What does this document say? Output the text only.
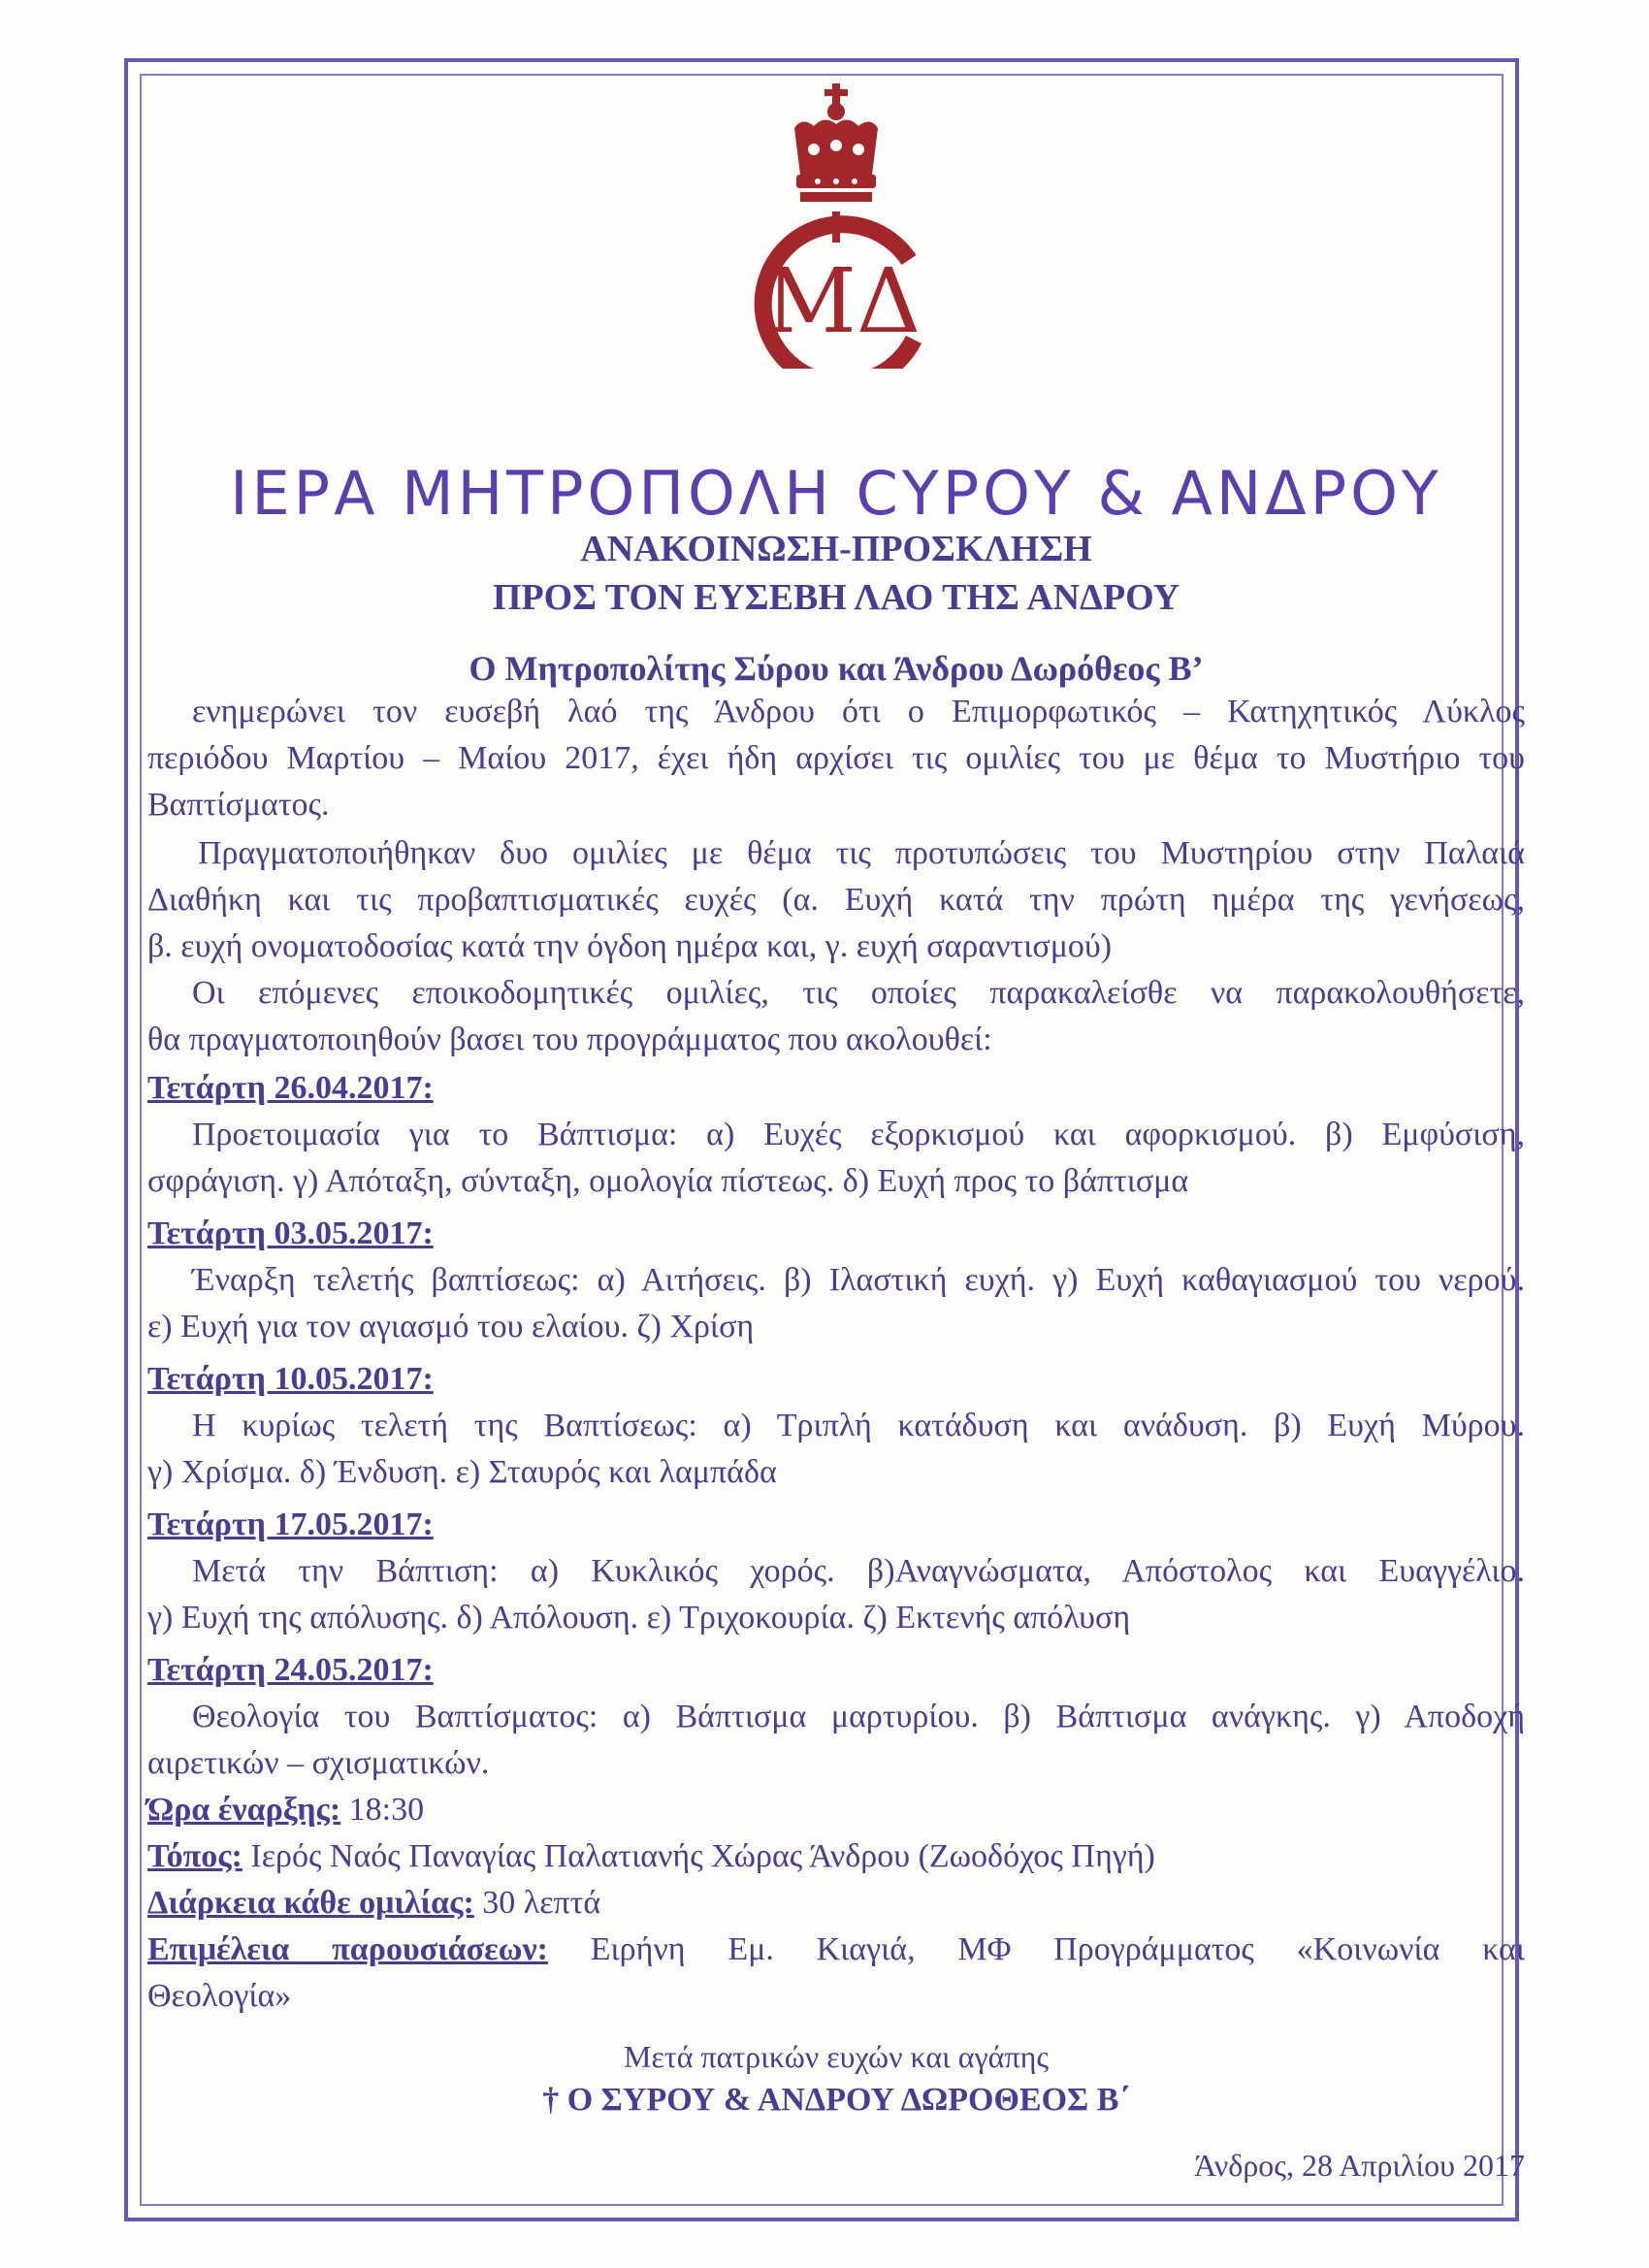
ΜΔ
ΙΕΡΑ ΜΗΤΡΟΠΟΛΗ CΥΡΟΥ & ΑΝΔΡΟΥ
ΑΝΑΚΟΙΝΩΣΗ-ΠΡΟΣΚΛΗΣΗ
ΠΡΟΣ ΤΟΝ ΕΥΣΕΒΗ ΛΑΟ ΤΗΣ ΑΝΔΡΟΥ
Ο Μητροπολίτης Σύρου και Άνδρου Δωρόθεος Β’
ενημερώνει τον ευσεβή λαό της Άνδρου ότι ο Επιμορφωτικός – Κατηχητικός Λύκλος
περιόδου Μαρτίου – Μαίου 2017, έχει ήδη αρχίσει τις ομιλίες του με θέμα το Μυστήριο του
Βαπτίσματος.
Πραγματοποιήθηκαν δυο ομιλίες με θέμα τις προτυπώσεις του Μυστηρίου στην Παλαιά
Διαθήκη και τις προβαπτισματικές ευχές (α. Ευχή κατά την πρώτη ημέρα της γενήσεως,
β. ευχή ονοματοδοσίας κατά την όγδοη ημέρα και, γ. ευχή σαραντισμού)
Οι επόμενες εποικοδομητικές ομιλίες, τις οποίες παρακαλείσθε να παρακολουθήσετε,
θα πραγματοποιηθούν βασει του προγράμματος που ακολουθεί:
Τετάρτη 26.04.2017:
Προετοιμασία για το Βάπτισμα: α) Ευχές εξορκισμού και αφορκισμού. β) Εμφύσιση,
σφράγιση. γ) Απόταξη, σύνταξη, ομολογία πίστεως. δ) Ευχή προς το βάπτισμα
Τετάρτη 03.05.2017:
Έναρξη τελετής βαπτίσεως: α) Αιτήσεις. β) Ιλαστική ευχή. γ) Ευχή καθαγιασμού του νερού.
ε) Ευχή για τον αγιασμό του ελαίου. ζ) Χρίση
Τετάρτη 10.05.2017:
Η κυρίως τελετή της Βαπτίσεως: α) Τριπλή κατάδυση και ανάδυση. β) Ευχή Μύρου.
γ) Χρίσμα. δ) Ένδυση. ε) Σταυρός και λαμπάδα
Τετάρτη 17.05.2017:
Μετά την Βάπτιση: α) Κυκλικός χορός. β)Αναγνώσματα, Απόστολος και Ευαγγέλιο.
γ) Ευχή της απόλυσης. δ) Απόλουση. ε) Τριχοκουρία. ζ) Εκτενής απόλυση
Τετάρτη 24.05.2017:
Θεολογία του Βαπτίσματος: α) Βάπτισμα μαρτυρίου. β) Βάπτισμα ανάγκης. γ) Αποδοχή
αιρετικών – σχισματικών.
Ώρα έναρξης: 18:30
Τόπος: Ιερός Ναός Παναγίας Παλατιανής Χώρας Άνδρου (Ζωοδόχος Πηγή)
Διάρκεια κάθε ομιλίας: 30 λεπτά
Επιμέλεια παρουσιάσεων: Ειρήνη Εμ. Κιαγιά, ΜΦ Προγράμματος «Κοινωνία και
Θεολογία»
Μετά πατρικών ευχών και αγάπης
† Ο ΣΥΡΟΥ & ΑΝΔΡΟΥ ΔΩΡΟΘΕΟΣ Β΄
Άνδρος, 28 Απριλίου 2017
